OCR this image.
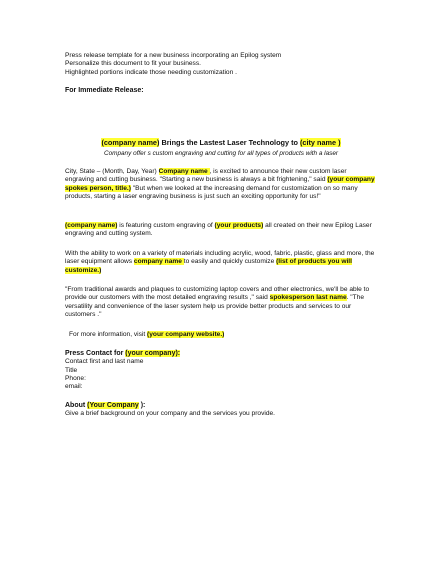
Press release template for a new business incorporating an Epilog system

Personalize this document to fit your business.

Highlighted portions indicate those needing customization .

For Immediate Release:
(company name) Brings the Lastest Laser Technology to (city name )
Company offer s custom engraving and cutting for all types of products with a laser
City, State – (Month, Day, Year) Company name , is excited to announce their new custom laser engraving and cutting business. "Starting a new business is always a bit frightening," said (your company spokes person, title.) "But when we looked at the increasing demand for customization on so many products, starting a laser engraving business is just such an exciting opportunity for us!"
(company name) is featuring custom engraving of (your products) all created on their new Epilog Laser engraving and cutting system.
With the ability to work on a variety of materials including acrylic, wood, fabric, plastic, glass and more, the laser equipment allows company name to easily and quickly customize (list of products you will customize.)
"From traditional awards and plaques to customizing laptop covers and other electronics, we'll be able to provide our customers with the most detailed engraving results ," said spokesperson last name. "The versatility and convenience of the laser system help us provide better products and services to our customers ."
For more information, visit (your company website.)

Press Contact for (your company):

Contact first and last name

Title

Phone:

email:

About (Your Company ):

Give a brief background on your company and the services you provide.
